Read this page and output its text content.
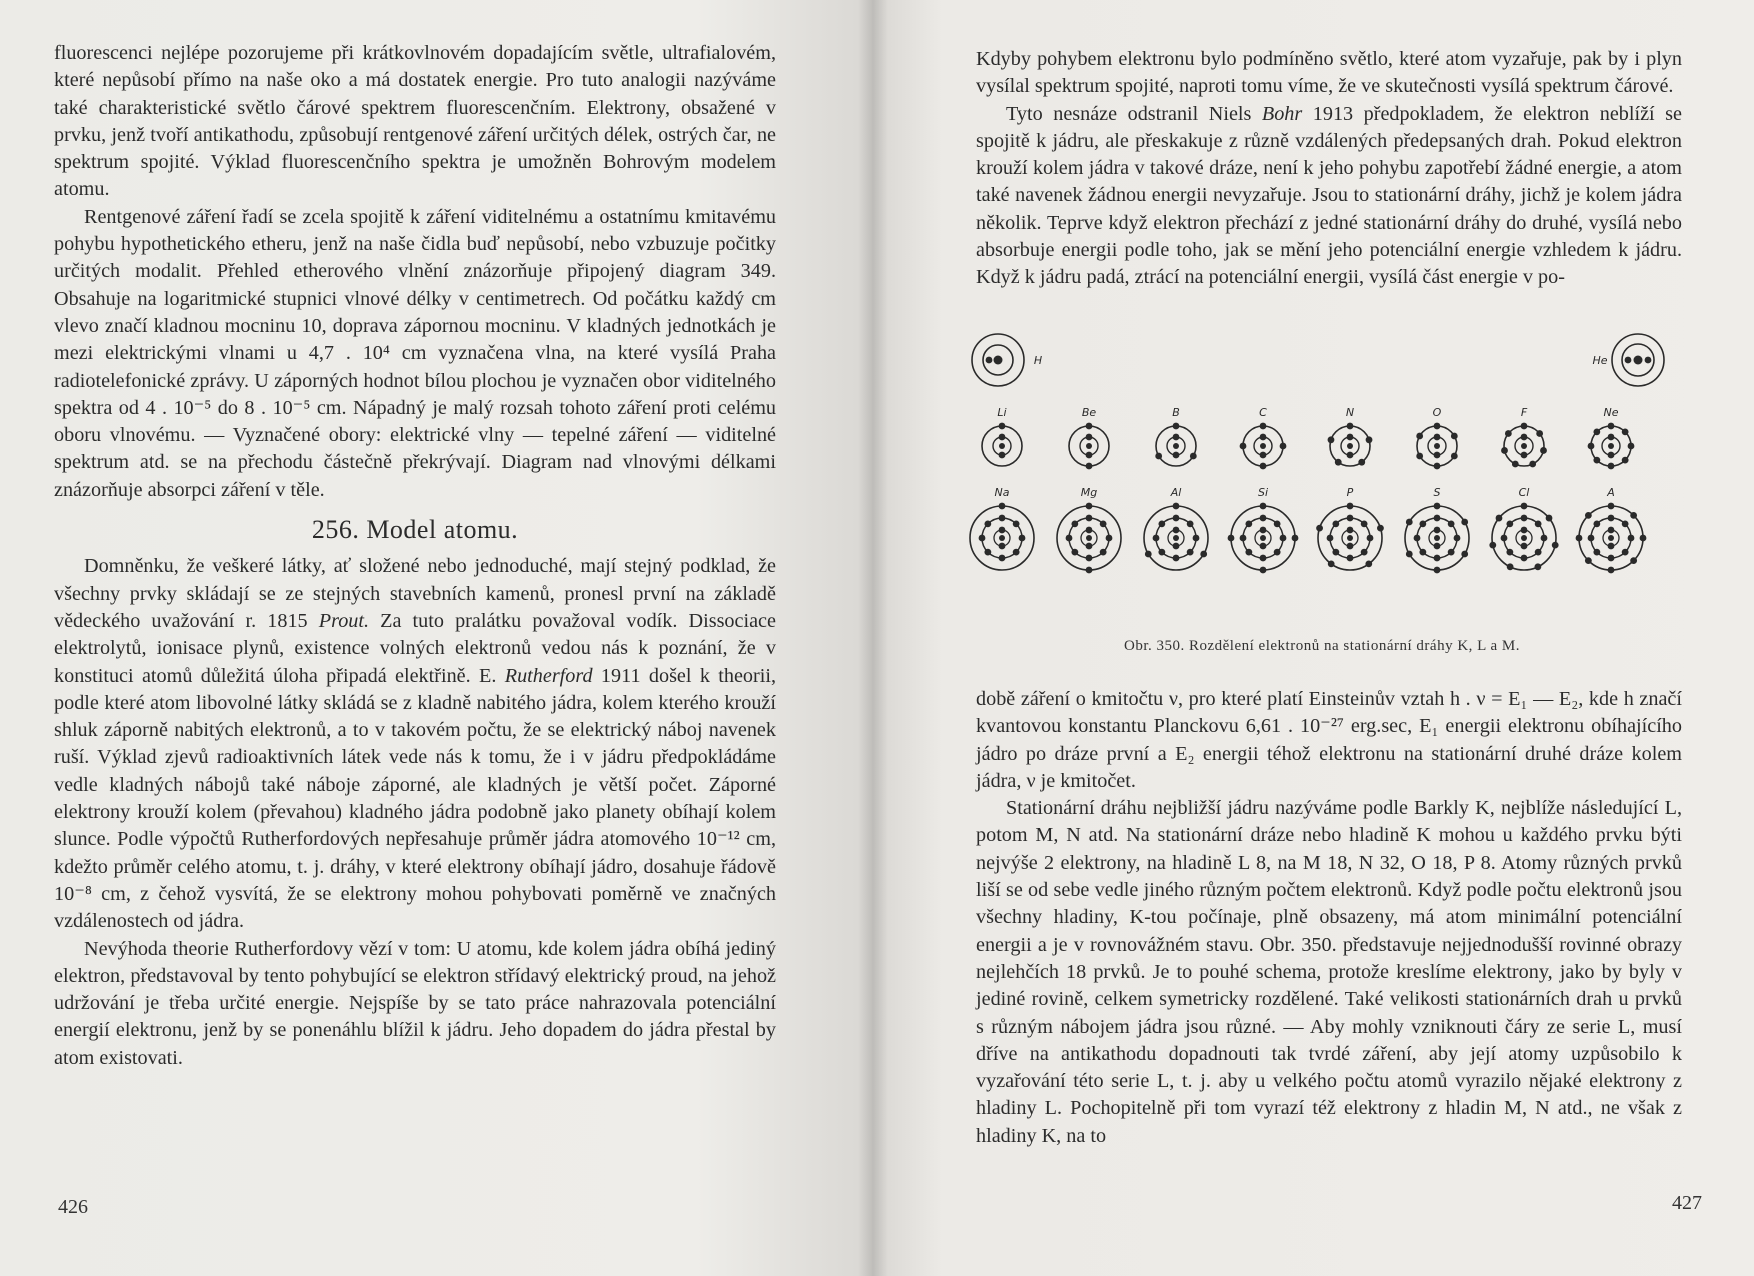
fluorescenci nejlépe pozorujeme při krátkovlnovém dopadajícím světle, ultrafialovém, které nepůsobí přímo na naše oko a má dostatek energie. Pro tuto analogii nazýváme také charakteristické světlo čárové spektrem fluorescenčním. Elektrony, obsažené v prvku, jenž tvoří antikathodu, způsobují rentgenové záření určitých délek, ostrých čar, ne spektrum spojité. Výklad fluorescenčního spektra je umožněn Bohrovým modelem atomu.

Rentgenové záření řadí se zcela spojitě k záření viditelnému a ostatnímu kmitavému pohybu hypothetického etheru, jenž na naše čidla buď nepůsobí, nebo vzbuzuje počitky určitých modalit. Přehled etherového vlnění znázorňuje připojený diagram 349. Obsahuje na logaritmické stupnici vlnové délky v centimetrech. Od počátku každý cm vlevo značí kladnou mocninu 10, doprava zápornou mocninu. V kladných jednotkách je mezi elektrickými vlnami u 4,7 . 10⁴ cm vyznačena vlna, na které vysílá Praha radiotelefonické zprávy. U záporných hodnot bílou plochou je vyznačen obor viditelného spektra od 4 . 10⁻⁵ do 8 . 10⁻⁵ cm. Nápadný je malý rozsah tohoto záření proti celému oboru vlnovému. — Vyznačené obory: elektrické vlny — tepelné záření — viditelné spektrum atd. se na přechodu částečně překrývají. Diagram nad vlnovými délkami znázorňuje absorpci záření v těle.

256. Model atomu.

Domněnku, že veškeré látky, ať složené nebo jednoduché, mají stejný podklad, že všechny prvky skládají se ze stejných stavebních kamenů, pronesl první na základě vědeckého uvažování r. 1815 Prout. Za tuto pralátku považoval vodík. Dissociace elektrolytů, ionisace plynů, existence volných elektronů vedou nás k poznání, že v konstituci atomů důležitá úloha připadá elektřině. E. Rutherford 1911 došel k theorii, podle které atom libovolné látky skládá se z kladně nabitého jádra, kolem kterého krouží shluk záporně nabitých elektronů, a to v takovém počtu, že se elektrický náboj navenek ruší. Výklad zjevů radioaktivních látek vede nás k tomu, že i v jádru předpokládáme vedle kladných nábojů také náboje záporné, ale kladných je větší počet. Záporné elektrony krouží kolem (převahou) kladného jádra podobně jako planety obíhají kolem slunce. Podle výpočtů Rutherfordových nepřesahuje průměr jádra atomového 10⁻¹² cm, kdežto průměr celého atomu, t. j. dráhy, v které elektrony obíhají jádro, dosahuje řádově 10⁻⁸ cm, z čehož vysvítá, že se elektrony mohou pohybovati poměrně ve značných vzdálenostech od jádra.

Nevýhoda theorie Rutherfordovy vězí v tom: U atomu, kde kolem jádra obíhá jediný elektron, představoval by tento pohybující se elektron střídavý elektrický proud, na jehož udržování je třeba určité energie. Nejspíše by se tato práce nahrazovala potenciální energií elektronu, jenž by se ponenáhlu blížil k jádru. Jeho dopadem do jádra přestal by atom existovati.

426

Kdyby pohybem elektronu bylo podmíněno světlo, které atom vyzařuje, pak by i plyn vysílal spektrum spojité, naproti tomu víme, že ve skutečnosti vysílá spektrum čárové.

Tyto nesnáze odstranil Niels Bohr 1913 předpokladem, že elektron neblíží se spojitě k jádru, ale přeskakuje z různě vzdálených předepsaných drah. Pokud elektron krouží kolem jádra v takové dráze, není k jeho pohybu zapotřebí žádné energie, a atom také navenek žádnou energii nevyzařuje. Jsou to stationární dráhy, jichž je kolem jádra několik. Teprve když elektron přechází z jedné stationární dráhy do druhé, vysílá nebo absorbuje energii podle toho, jak se mění jeho potenciální energie vzhledem k jádru. Když k jádru padá, ztrácí na potenciální energii, vysílá část energie v po-

H	He
Li	Be	B	C	N	O	F	Ne
Na	Mg	Al	Si	P	S	Cl	A
Obr. 350. Rozdělení elektronů na stationární dráhy K, L a M.

době záření o kmitočtu ν, pro které platí Einsteinův vztah h . ν = E₁ — E₂, kde h značí kvantovou konstantu Planckovu 6,61 . 10⁻²⁷ erg.sec, E₁ energii elektronu obíhajícího jádro po dráze první a E₂ energii téhož elektronu na stationární druhé dráze kolem jádra, ν je kmitočet.

Stationární dráhu nejbližší jádru nazýváme podle Barkly K, nejblíže následující L, potom M, N atd. Na stationární dráze nebo hladině K mohou u každého prvku býti nejvýše 2 elektrony, na hladině L 8, na M 18, N 32, O 18, P 8. Atomy různých prvků liší se od sebe vedle jiného různým počtem elektronů. Když podle počtu elektronů jsou všechny hladiny, K-tou počínaje, plně obsazeny, má atom minimální potenciální energii a je v rovnovážném stavu. Obr. 350. představuje nejjednodušší rovinné obrazy nejlehčích 18 prvků. Je to pouhé schema, protože kreslíme elektrony, jako by byly v jediné rovině, celkem symetricky rozdělené. Také velikosti stationárních drah u prvků s různým nábojem jádra jsou různé. — Aby mohly vzniknouti čáry ze serie L, musí dříve na antikathodu dopadnouti tak tvrdé záření, aby její atomy uzpůsobilo k vyzařování této serie L, t. j. aby u velkého počtu atomů vyrazilo nějaké elektrony z hladiny L. Pochopitelně při tom vyrazí též elektrony z hladin M, N atd., ne však z hladiny K, na to

427
